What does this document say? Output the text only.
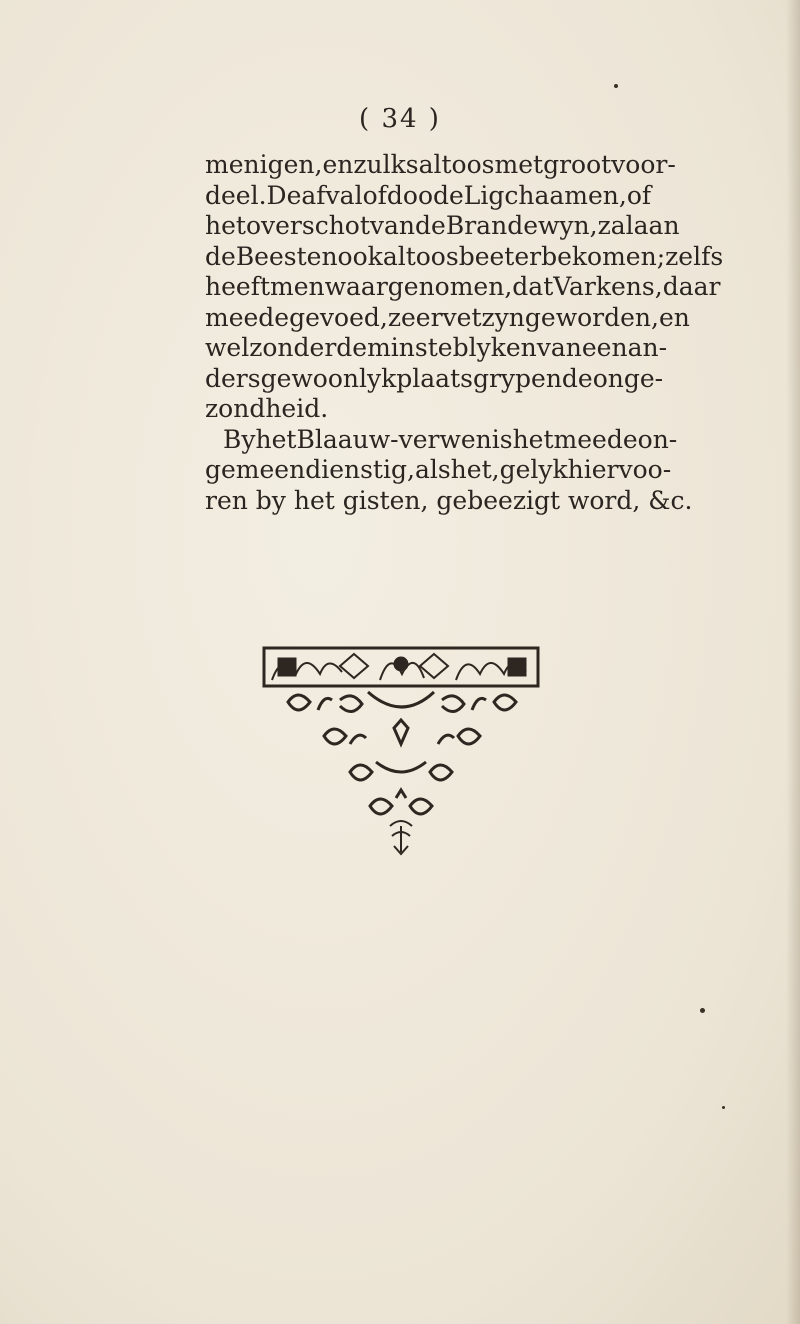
( 34 )
menigen , en zulks altoos met groot voor-
deel. De afval of doode Ligchaamen , of
het overschot van de Brandewyn , zal aan
de Beesten ook altoos beeter bekomen ; zelfs
heeft men waargenomen, dat Varkens, daar
meede gevoed, zeer vet zyn geworden, en
wel zonder de minste blyken van een an-
ders gewoonlyk plaats grypende onge-
zondheid.
By het Blaauw-verwen is het meede on-
gemeen dienstig , als het, gelyk hier voo-
ren by het gisten, gebeezigt word, &c.
